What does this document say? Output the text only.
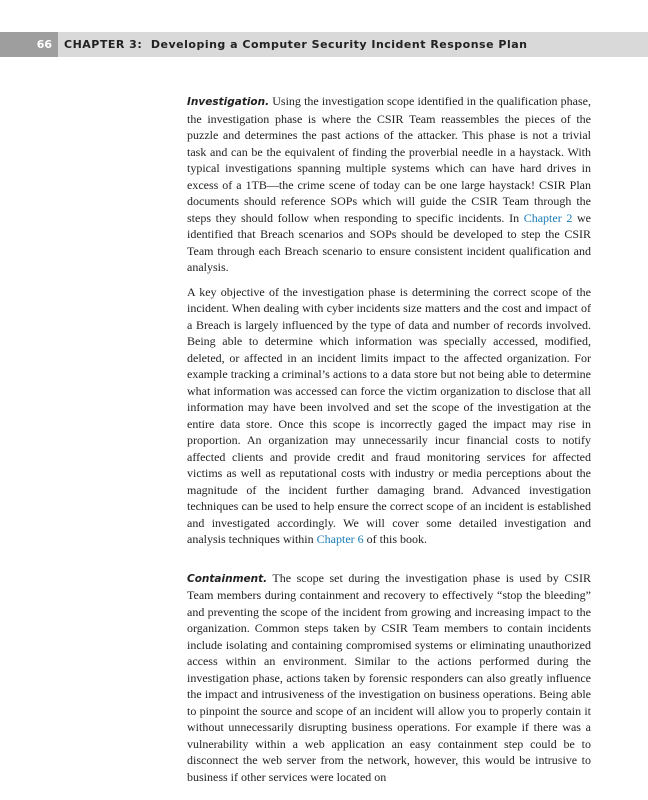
66	CHAPTER 3: Developing a Computer Security Incident Response Plan

Investigation. Using the investigation scope identified in the qualification phase, the investigation phase is where the CSIR Team reassembles the pieces of the puzzle and determines the past actions of the attacker. This phase is not a trivial task and can be the equivalent of finding the proverbial needle in a haystack. With typical investigations spanning multiple systems which can have hard drives in excess of a 1TB—the crime scene of today can be one large haystack! CSIR Plan documents should reference SOPs which will guide the CSIR Team through the steps they should follow when responding to specific incidents. In Chapter 2 we identified that Breach scenarios and SOPs should be developed to step the CSIR Team through each Breach scenario to ensure consistent incident qualification and analysis.

A key objective of the investigation phase is determining the correct scope of the incident. When dealing with cyber incidents size matters and the cost and impact of a Breach is largely influenced by the type of data and number of records involved. Being able to determine which information was specially accessed, modified, deleted, or affected in an incident limits impact to the affected organization. For example tracking a criminal’s actions to a data store but not being able to determine what information was accessed can force the victim organization to disclose that all information may have been involved and set the scope of the investigation at the entire data store. Once this scope is incorrectly gaged the impact may rise in proportion. An organization may unnecessarily incur financial costs to notify affected clients and provide credit and fraud monitoring services for affected victims as well as reputational costs with industry or media perceptions about the magnitude of the incident further damaging brand. Advanced investigation techniques can be used to help ensure the correct scope of an incident is established and investigated accordingly. We will cover some detailed investigation and analysis techniques within Chapter 6 of this book.

Containment. The scope set during the investigation phase is used by CSIR Team members during containment and recovery to effectively “stop the bleeding” and preventing the scope of the incident from growing and increasing impact to the organization. Common steps taken by CSIR Team members to contain incidents include isolating and containing compromised systems or eliminating unauthorized access within an environment. Similar to the actions performed during the investigation phase, actions taken by forensic responders can also greatly influence the impact and intrusiveness of the investigation on business operations. Being able to pinpoint the source and scope of an incident will allow you to properly contain it without unnecessarily disrupting business operations. For example if there was a vulnerability within a web application an easy containment step could be to disconnect the web server from the network, however, this would be intrusive to business if other services were located on
